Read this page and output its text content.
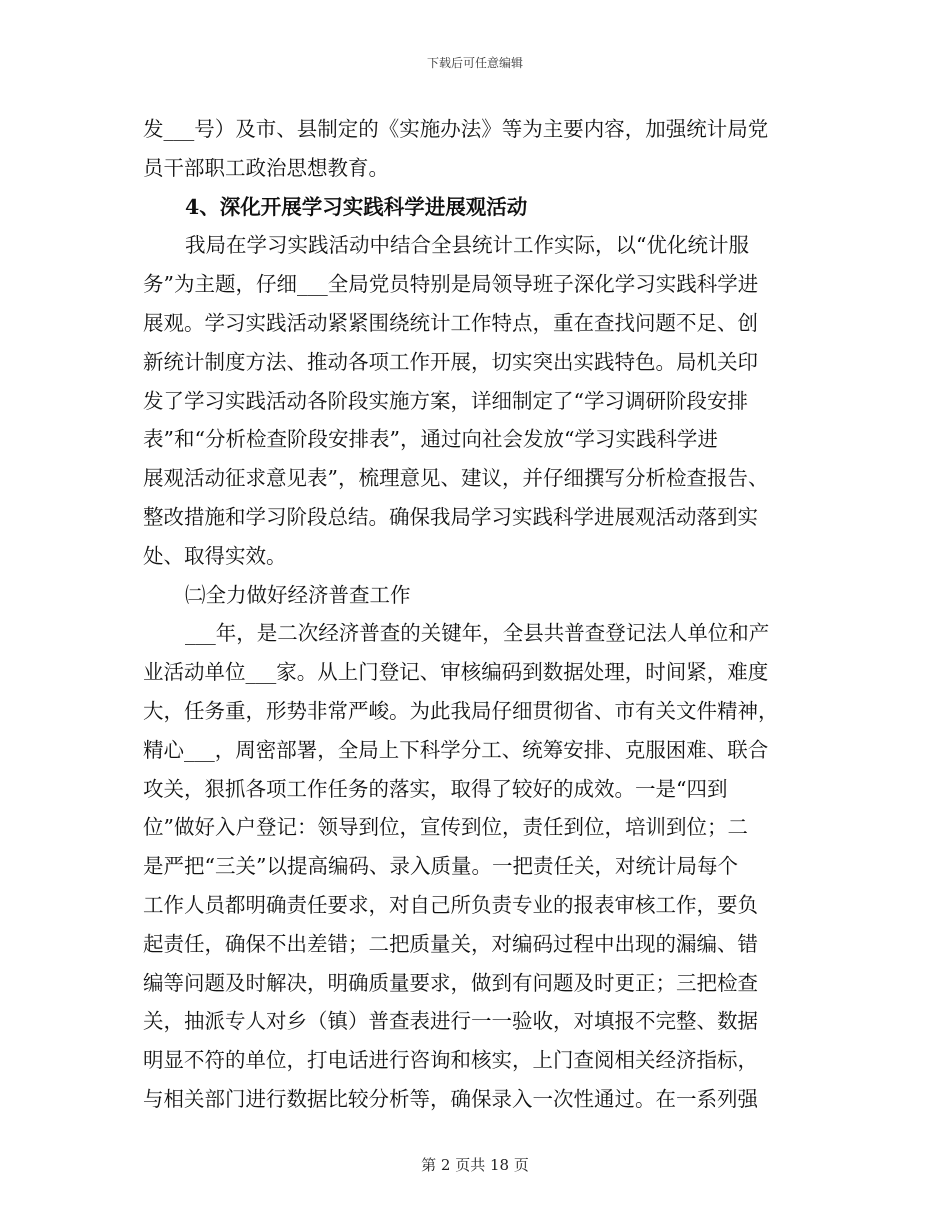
下载后可任意编辑
发___号）及市、县制定的《实施办法》等为主要内容，加强统计局党
员干部职工政治思想教育。
4、深化开展学习实践科学进展观活动
我局在学习实践活动中结合全县统计工作实际，以“优化统计服
务”为主题，仔细___全局党员特别是局领导班子深化学习实践科学进
展观。学习实践活动紧紧围绕统计工作特点，重在查找问题不足、创
新统计制度方法、推动各项工作开展，切实突出实践特色。局机关印
发了学习实践活动各阶段实施方案，详细制定了“学习调研阶段安排
表”和“分析检查阶段安排表”，通过向社会发放“学习实践科学进
展观活动征求意见表”，梳理意见、建议，并仔细撰写分析检查报告、
整改措施和学习阶段总结。确保我局学习实践科学进展观活动落到实
处、取得实效。
㈡全力做好经济普查工作
___年，是二次经济普查的关键年，全县共普查登记法人单位和产
业活动单位___家。从上门登记、审核编码到数据处理，时间紧，难度
大，任务重，形势非常严峻。为此我局仔细贯彻省、市有关文件精神，
精心___，周密部署，全局上下科学分工、统筹安排、克服困难、联合
攻关，狠抓各项工作任务的落实，取得了较好的成效。一是“四到
位”做好入户登记：领导到位，宣传到位，责任到位，培训到位；二
是严把“三关”以提高编码、录入质量。一把责任关，对统计局每个
工作人员都明确责任要求，对自己所负责专业的报表审核工作，要负
起责任，确保不出差错；二把质量关，对编码过程中出现的漏编、错
编等问题及时解决，明确质量要求，做到有问题及时更正；三把检查
关，抽派专人对乡（镇）普查表进行一一验收，对填报不完整、数据
明显不符的单位，打电话进行咨询和核实，上门查阅相关经济指标，
与相关部门进行数据比较分析等，确保录入一次性通过。在一系列强
第 2 页共 18 页
